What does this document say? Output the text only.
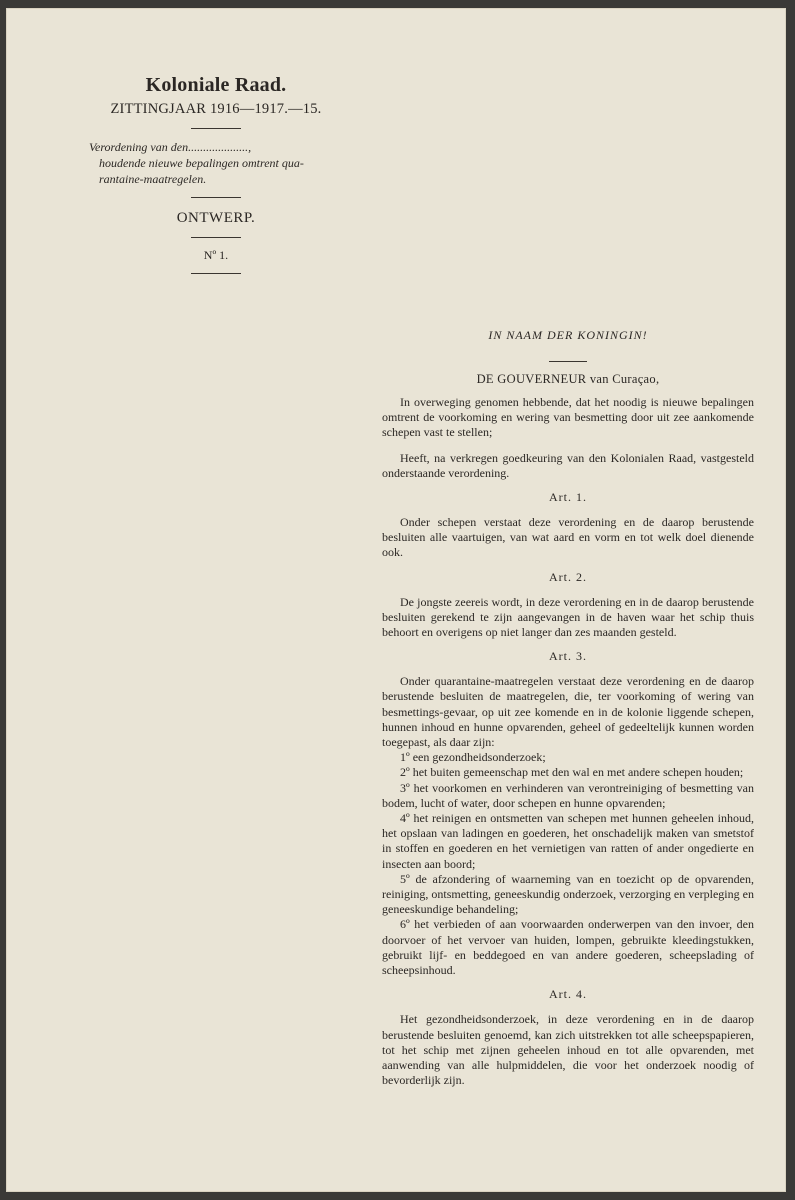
Koloniale Raad.
ZITTINGJAAR 1916—1917.—15.
Verordening van den....................,
houdende nieuwe bepalingen omtrent qua-
rantaine-maatregelen.
ONTWERP.
Nº 1.
IN NAAM DER KONINGIN!
DE GOUVERNEUR van Curaçao,

In overweging genomen hebbende, dat het noodig is nieuwe bepalingen omtrent de voorkoming en wering van besmetting door uit zee aankomende schepen vast te stellen;

Heeft, na verkregen goedkeuring van den Kolonialen Raad, vastgesteld onderstaande verordening.

Art. 1.

Onder schepen verstaat deze verordening en de daarop berustende besluiten alle vaartuigen, van wat aard en vorm en tot welk doel dienende ook.

Art. 2.

De jongste zeereis wordt, in deze verordening en in de daarop berustende besluiten gerekend te zijn aangevangen in de haven waar het schip thuis behoort en overigens op niet langer dan zes maanden gesteld.

Art. 3.

Onder quarantaine-maatregelen verstaat deze verordening en de daarop berustende besluiten de maatregelen, die, ter voorkoming of wering van besmettings-gevaar, op uit zee komende en in de kolonie liggende schepen, hunnen inhoud en hunne opvarenden, geheel of gedeeltelijk kunnen worden toegepast, als daar zijn:

1º een gezondheidsonderzoek;

2º het buiten gemeenschap met den wal en met andere schepen houden;

3º het voorkomen en verhinderen van verontreiniging of besmetting van bodem, lucht of water, door schepen en hunne opvarenden;

4º het reinigen en ontsmetten van schepen met hunnen geheelen inhoud, het opslaan van ladingen en goederen, het onschadelijk maken van smetstof in stoffen en goederen en het vernietigen van ratten of ander ongedierte en insecten aan boord;

5º de afzondering of waarneming van en toezicht op de opvarenden, reiniging, ontsmetting, geneeskundig onderzoek, verzorging en verpleging en geneeskundige behandeling;

6º het verbieden of aan voorwaarden onderwerpen van den invoer, den doorvoer of het vervoer van huiden, lompen, gebruikte kleedingstukken, gebruikt lijf- en beddegoed en van andere goederen, scheepslading of scheepsinhoud.

Art. 4.

Het gezondheidsonderzoek, in deze verordening en in de daarop berustende besluiten genoemd, kan zich uitstrekken tot alle scheepspapieren, tot het schip met zijnen geheelen inhoud en tot alle opvarenden, met aanwending van alle hulpmiddelen, die voor het onderzoek noodig of bevorderlijk zijn.
